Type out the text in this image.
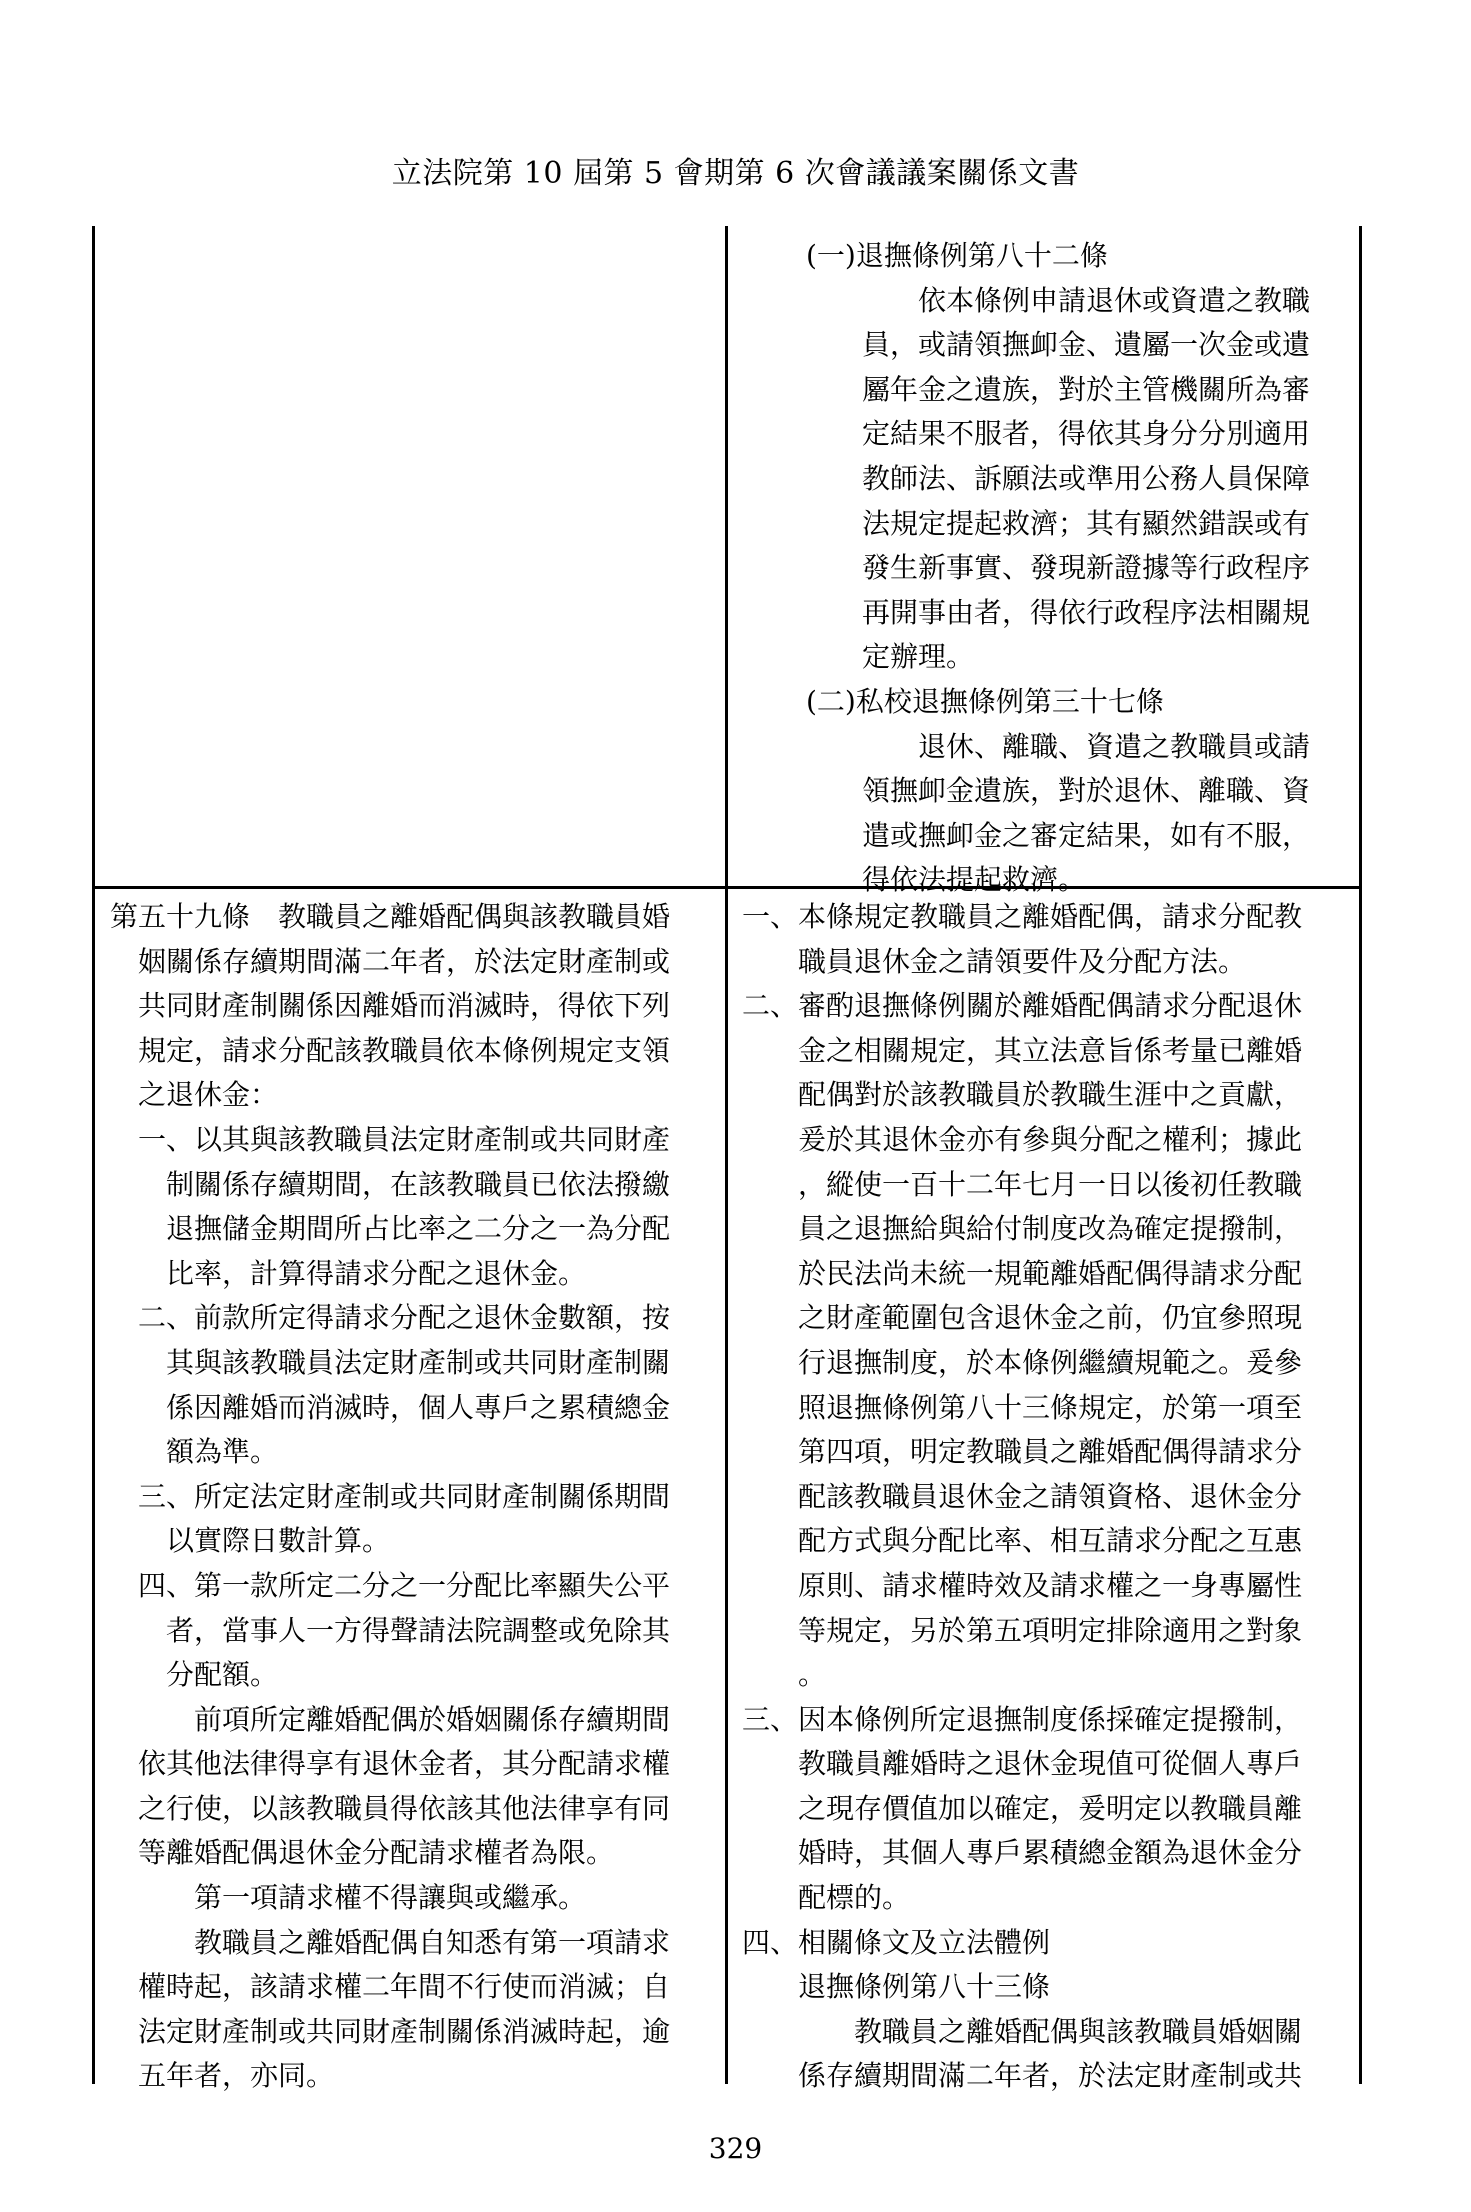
立法院第 10 屆第 5 會期第 6 次會議議案關係文書
(一)退撫條例第八十二條
依本條例申請退休或資遣之教職
員，或請領撫卹金、遺屬一次金或遺
屬年金之遺族，對於主管機關所為審
定結果不服者，得依其身分分別適用
教師法、訴願法或準用公務人員保障
法規定提起救濟；其有顯然錯誤或有
發生新事實、發現新證據等行政程序
再開事由者，得依行政程序法相關規
定辦理。
(二)私校退撫條例第三十七條
退休、離職、資遣之教職員或請
領撫卹金遺族，對於退休、離職、資
遣或撫卹金之審定結果，如有不服，
得依法提起救濟。
第五十九條　教職員之離婚配偶與該教職員婚
姻關係存續期間滿二年者，於法定財產制或
共同財產制關係因離婚而消滅時，得依下列
規定，請求分配該教職員依本條例規定支領
之退休金：
一、以其與該教職員法定財產制或共同財產
制關係存續期間，在該教職員已依法撥繳
退撫儲金期間所占比率之二分之一為分配
比率，計算得請求分配之退休金。
二、前款所定得請求分配之退休金數額，按
其與該教職員法定財產制或共同財產制關
係因離婚而消滅時，個人專戶之累積總金
額為準。
三、所定法定財產制或共同財產制關係期間
以實際日數計算。
四、第一款所定二分之一分配比率顯失公平
者，當事人一方得聲請法院調整或免除其
分配額。
前項所定離婚配偶於婚姻關係存續期間
依其他法律得享有退休金者，其分配請求權
之行使，以該教職員得依該其他法律享有同
等離婚配偶退休金分配請求權者為限。
第一項請求權不得讓與或繼承。
教職員之離婚配偶自知悉有第一項請求
權時起，該請求權二年間不行使而消滅；自
法定財產制或共同財產制關係消滅時起，逾
五年者，亦同。
一、本條規定教職員之離婚配偶，請求分配教
職員退休金之請領要件及分配方法。
二、審酌退撫條例關於離婚配偶請求分配退休
金之相關規定，其立法意旨係考量已離婚
配偶對於該教職員於教職生涯中之貢獻，
爰於其退休金亦有參與分配之權利；據此
，縱使一百十二年七月一日以後初任教職
員之退撫給與給付制度改為確定提撥制，
於民法尚未統一規範離婚配偶得請求分配
之財產範圍包含退休金之前，仍宜參照現
行退撫制度，於本條例繼續規範之。爰參
照退撫條例第八十三條規定，於第一項至
第四項，明定教職員之離婚配偶得請求分
配該教職員退休金之請領資格、退休金分
配方式與分配比率、相互請求分配之互惠
原則、請求權時效及請求權之一身專屬性
等規定，另於第五項明定排除適用之對象
。
三、因本條例所定退撫制度係採確定提撥制，
教職員離婚時之退休金現值可從個人專戶
之現存價值加以確定，爰明定以教職員離
婚時，其個人專戶累積總金額為退休金分
配標的。
四、相關條文及立法體例
退撫條例第八十三條
教職員之離婚配偶與該教職員婚姻關
係存續期間滿二年者，於法定財產制或共
329
